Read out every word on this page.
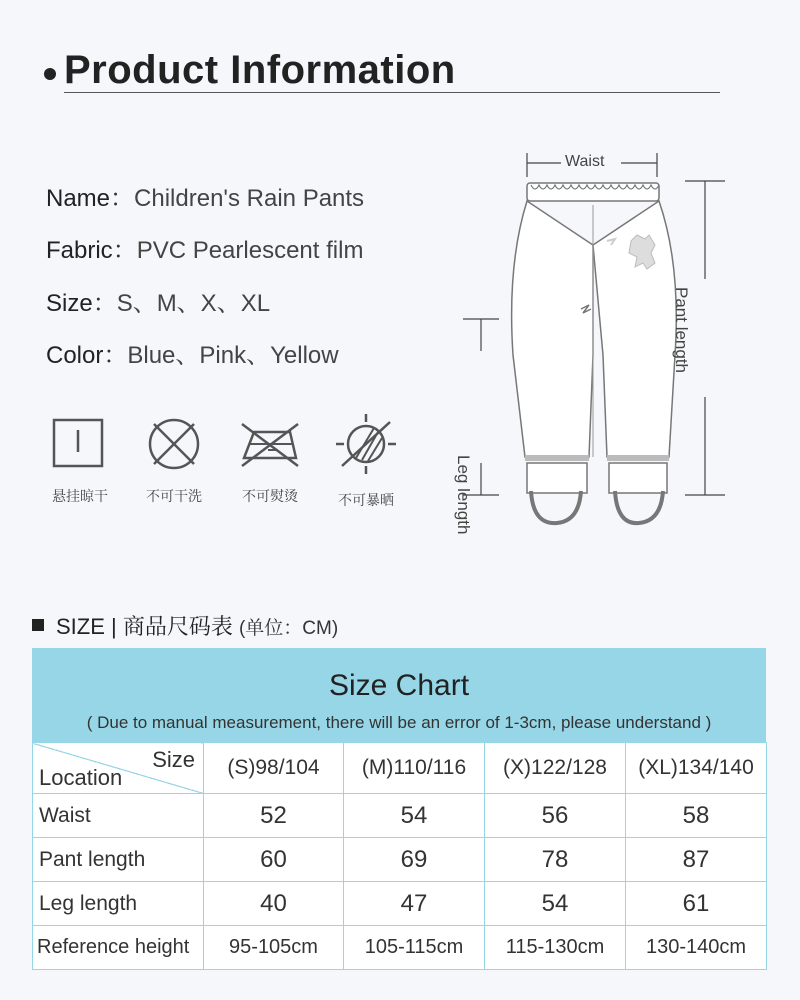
Product Information
Name：Children's Rain Pants
Fabric：PVC Pearlescent film
Size：S、M、X、XL
Color：Blue、Pink、Yellow
悬挂晾干	不可干洗	不可熨烫	不可暴晒
Waist
Pant length
Leg length
SIZE | 商品尺码表 (单位：CM)
Size Chart
( Due to manual measurement, there will be an error of 1-3cm, please understand )
Size
Location	(S)98/104	(M)110/116	(X)122/128	(XL)134/140
Waist	52	54	56	58
Pant length	60	69	78	87
Leg length	40	47	54	61
Reference height	95-105cm	105-115cm	115-130cm	130-140cm
